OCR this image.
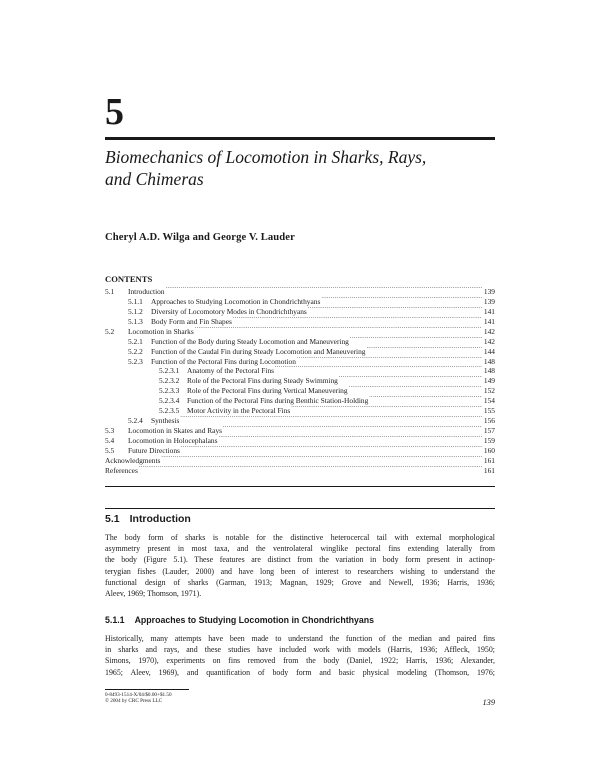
5
Biomechanics of Locomotion in Sharks, Rays,
and Chimeras
Cheryl A.D. Wilga and George V. Lauder
CONTENTS
5.1	Introduction .....	139
5.1.1	Approaches to Studying Locomotion in Chondrichthyans .....	139
5.1.2	Diversity of Locomotory Modes in Chondrichthyans .....	141
5.1.3	Body Form and Fin Shapes .....	141
5.2	Locomotion in Sharks .....	142
5.2.1	Function of the Body during Steady Locomotion and Maneuvering .....	142
5.2.2	Function of the Caudal Fin during Steady Locomotion and Maneuvering .....	144
5.2.3	Function of the Pectoral Fins during Locomotion .....	148
5.2.3.1	Anatomy of the Pectoral Fins .....	148
5.2.3.2	Role of the Pectoral Fins during Steady Swimming .....	149
5.2.3.3	Role of the Pectoral Fins during Vertical Maneuvering .....	152
5.2.3.4	Function of the Pectoral Fins during Benthic Station-Holding .....	154
5.2.3.5	Motor Activity in the Pectoral Fins .....	155
5.2.4	Synthesis .....	156
5.3	Locomotion in Skates and Rays .....	157
5.4	Locomotion in Holocephalans .....	159
5.5	Future Directions .....	160
Acknowledgments .....	161
References .....	161
5.1 Introduction

The body form of sharks is notable for the distinctive heterocercal tail with external morphological
asymmetry present in most taxa, and the ventrolateral winglike pectoral fins extending laterally from
the body (Figure 5.1). These features are distinct from the variation in body form present in actinop-
terygian fishes (Lauder, 2000) and have long been of interest to researchers wishing to understand the
functional design of sharks (Garman, 1913; Magnan, 1929; Grove and Newell, 1936; Harris, 1936;
Aleev, 1969; Thomson, 1971).

5.1.1 Approaches to Studying Locomotion in Chondrichthyans

Historically, many attempts have been made to understand the function of the median and paired fins
in sharks and rays, and these studies have included work with models (Harris, 1936; Affleck, 1950;
Simons, 1970), experiments on fins removed from the body (Daniel, 1922; Harris, 1936; Alexander,
1965; Aleev, 1969), and quantification of body form and basic physical modeling (Thomson, 1976;

0-8493-1514-X/04/$0.00+$1.50
© 2004 by CRC Press LLC	139
